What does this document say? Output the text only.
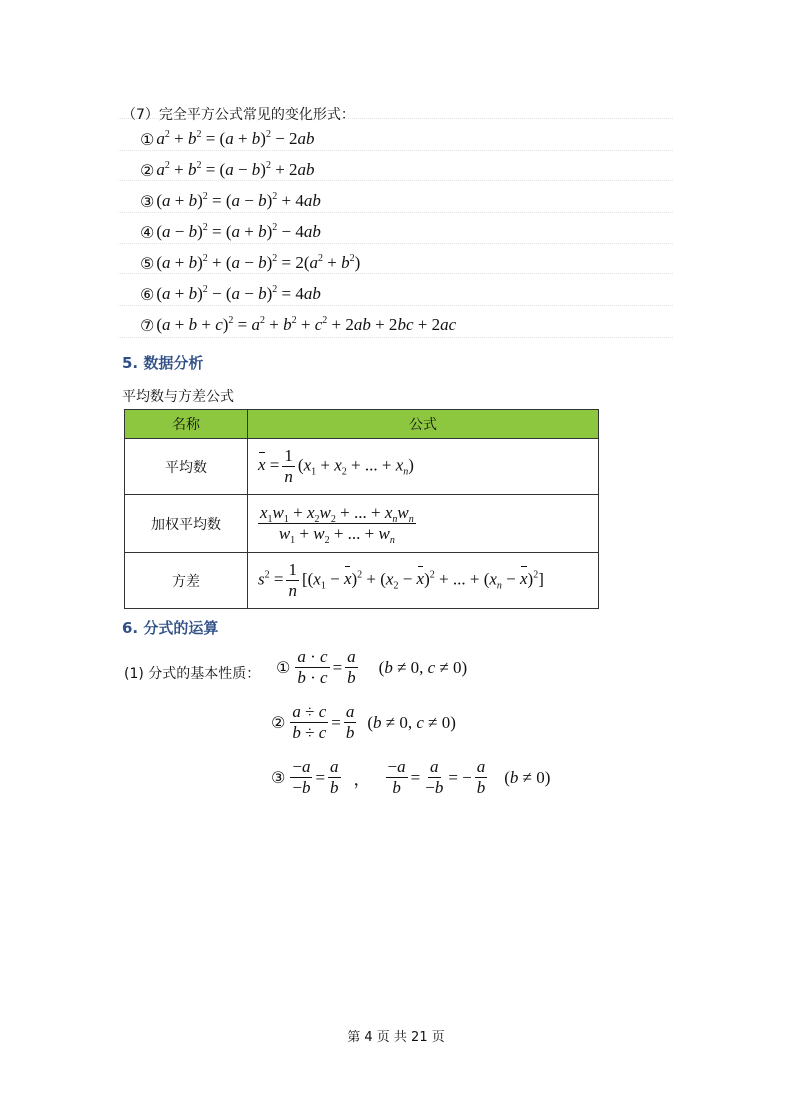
（7）完全平方公式常见的变化形式：
① $a^2 + b^2 = (a + b)^2 - 2ab$
② $a^2 + b^2 = (a - b)^2 + 2ab$
③ $(a + b)^2 = (a - b)^2 + 4ab$
④ $(a - b)^2 = (a + b)^2 - 4ab$
⑤ $(a + b)^2 + (a - b)^2 = 2(a^2 + b^2)$
⑥ $(a + b)^2 - (a - b)^2 = 4ab$
⑦ $(a + b + c)^2 = a^2 + b^2 + c^2 + 2ab + 2bc + 2ac$
5. 数据分析
平均数与方差公式
名称	公式
平均数	$x = \frac{1}{n} (x_1 + x_2$ + ... + $x_n$)
加权平均数	$\frac{x_1w_1 + x_2w_2 + ... + x_nw_n}{w_1 + w_2 + ... + w_n}$

方差	$s^2 = \frac{1}{n} [(x_1 - x)^2 + (x_2 - x)^2$ + ... + $(x_n - x)^2$]
6. 分式的运算
(1) 分式的基本性质： ① $\frac{a \cdot c}{b \cdot c} = \frac{a}{b} (b \ne 0$, c ≠ 0)
② $\frac{a \div c}{b \div c} = \frac{a}{b} (b \ne 0$, c ≠ 0)
③ $\frac{-a}{-b} = \frac{a}{b}$ ， $\frac{-a}{b} = \frac{a}{-b}$ = − $\frac{a}{b} (b \ne 0)$
第 4 页 共 21 页
